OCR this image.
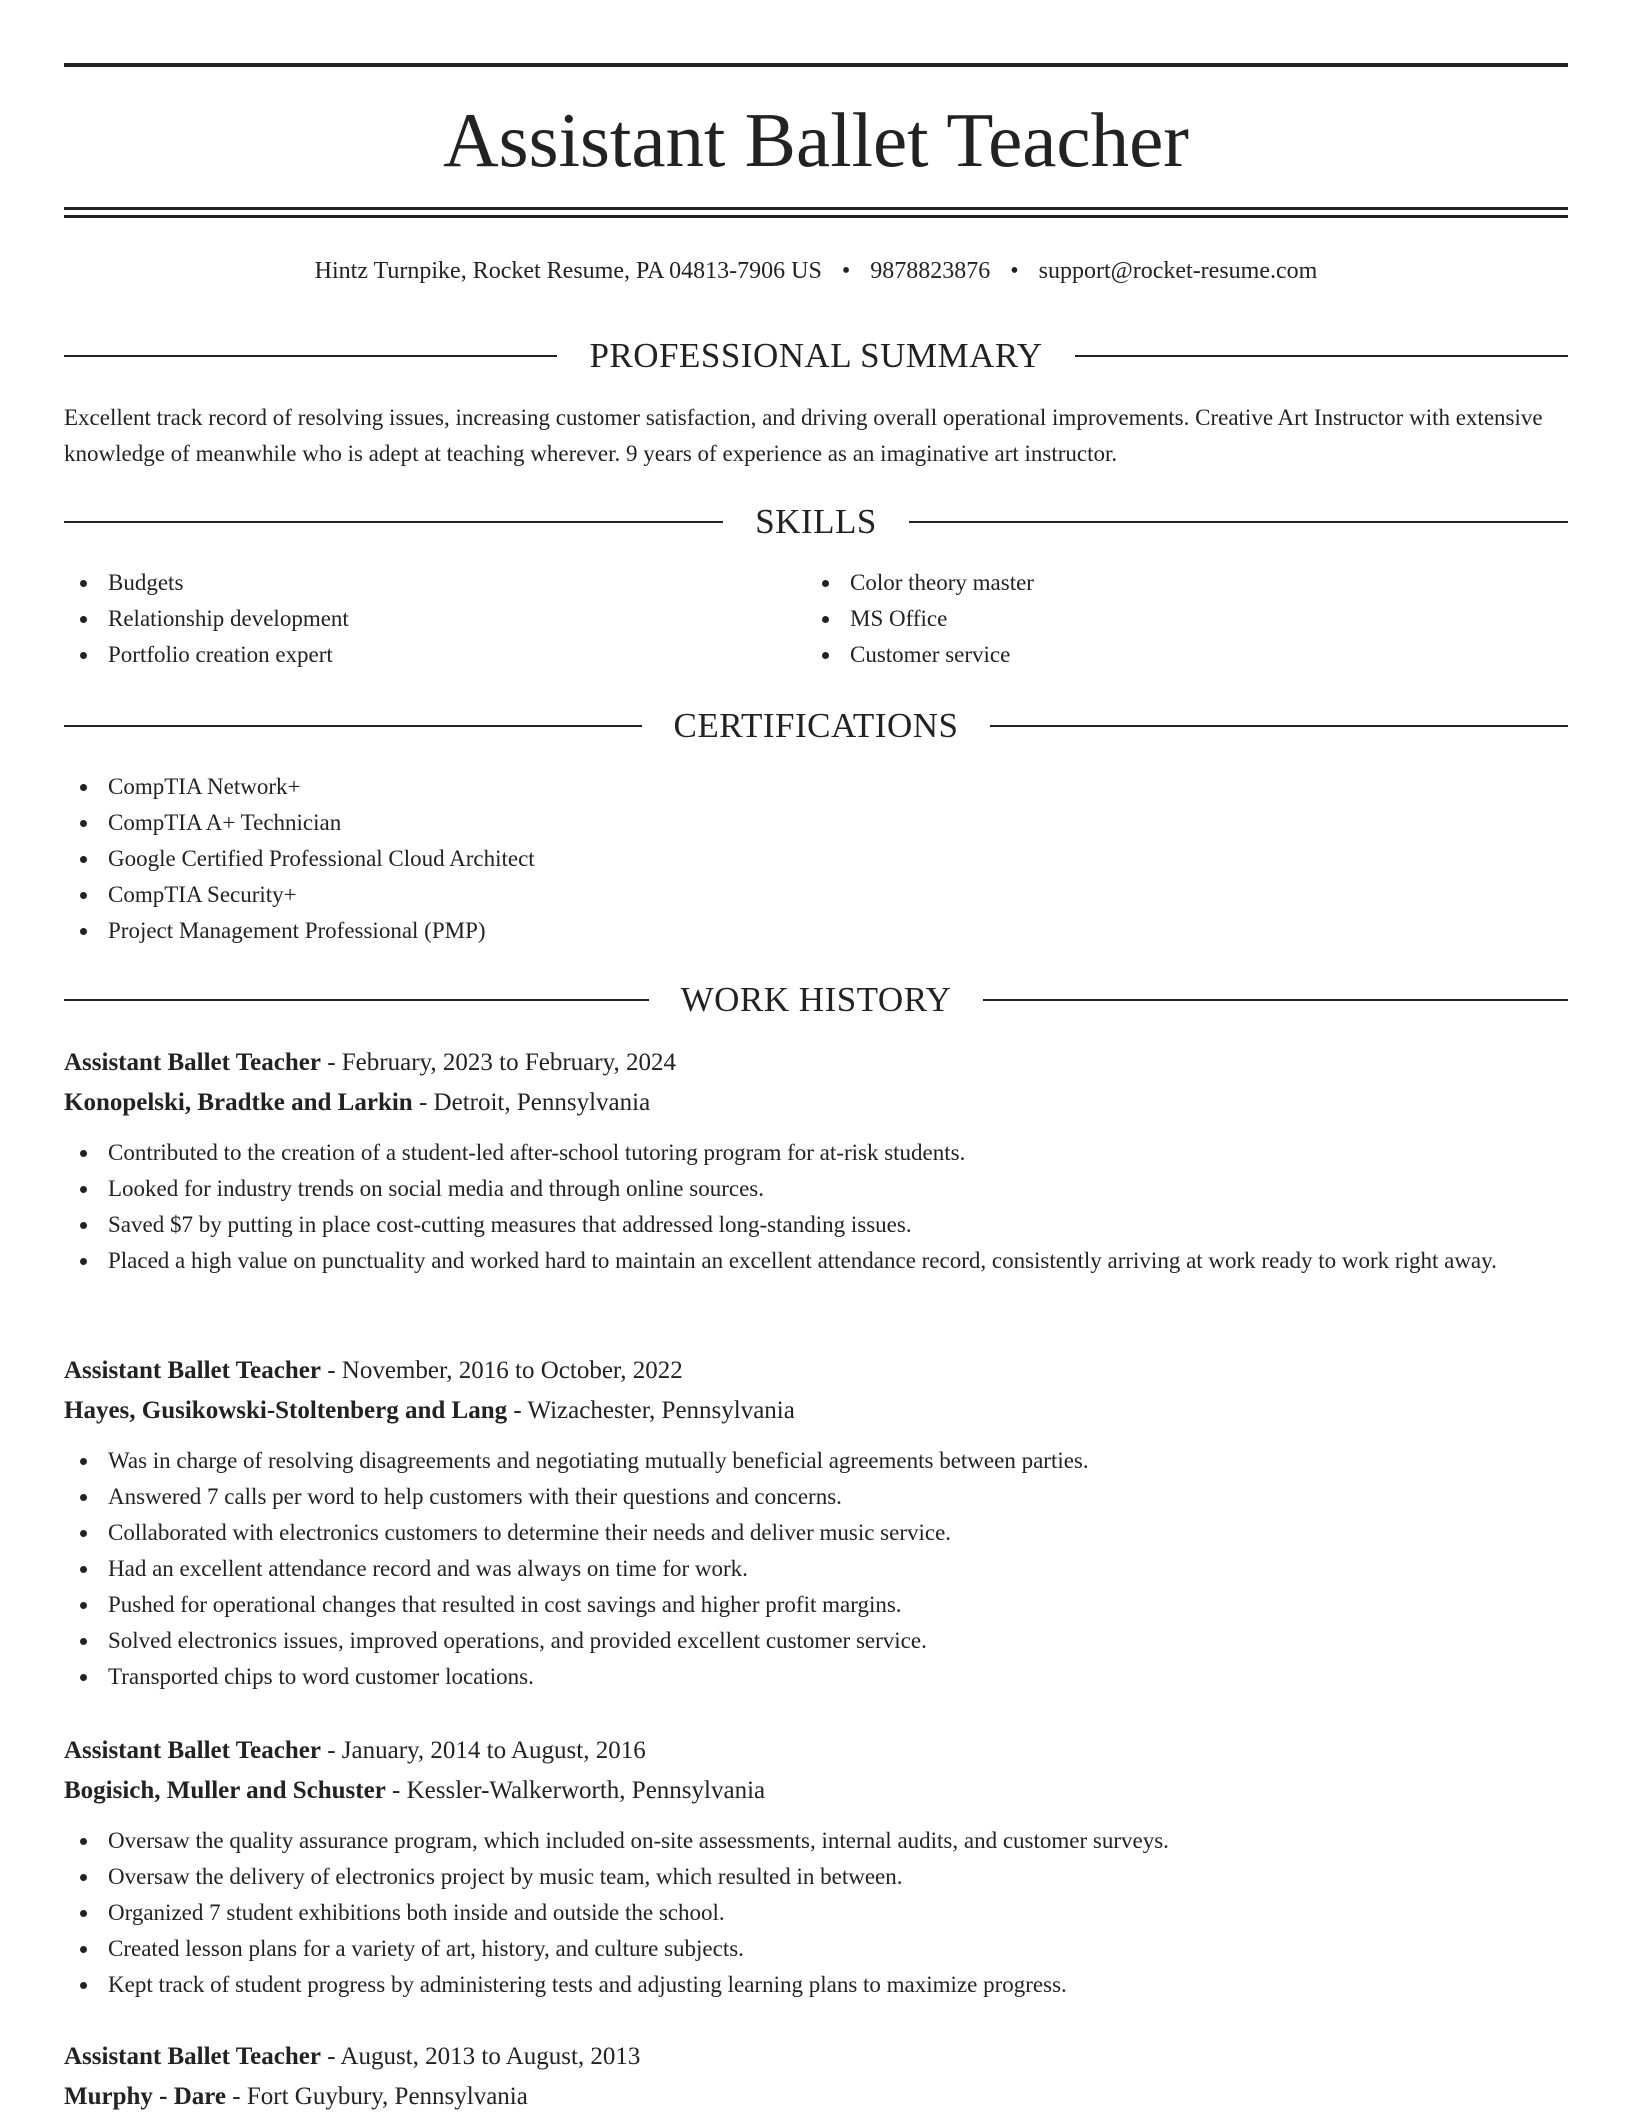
Assistant Ballet Teacher
Hintz Turnpike, Rocket Resume, PA 04813-7906 US • 9878823876 • support@rocket-resume.com
PROFESSIONAL SUMMARY

Excellent track record of resolving issues, increasing customer satisfaction, and driving overall operational improvements. Creative Art Instructor with extensive knowledge of meanwhile who is adept at teaching wherever. 9 years of experience as an imaginative art instructor.

SKILLS
Budgets
Relationship development
Portfolio creation expert
Color theory master
MS Office
Customer service
CERTIFICATIONS
CompTIA Network+
CompTIA A+ Technician
Google Certified Professional Cloud Architect
CompTIA Security+
Project Management Professional (PMP)
WORK HISTORY

Assistant Ballet Teacher - February, 2023 to February, 2024

Konopelski, Bradtke and Larkin - Detroit, Pennsylvania

Contributed to the creation of a student-led after-school tutoring program for at-risk students.
Looked for industry trends on social media and through online sources.
Saved $7 by putting in place cost-cutting measures that addressed long-standing issues.
Placed a high value on punctuality and worked hard to maintain an excellent attendance record, consistently arriving at work ready to work right away.

Assistant Ballet Teacher - November, 2016 to October, 2022

Hayes, Gusikowski-Stoltenberg and Lang - Wizachester, Pennsylvania

Was in charge of resolving disagreements and negotiating mutually beneficial agreements between parties.
Answered 7 calls per word to help customers with their questions and concerns.
Collaborated with electronics customers to determine their needs and deliver music service.
Had an excellent attendance record and was always on time for work.
Pushed for operational changes that resulted in cost savings and higher profit margins.
Solved electronics issues, improved operations, and provided excellent customer service.
Transported chips to word customer locations.

Assistant Ballet Teacher - January, 2014 to August, 2016

Bogisich, Muller and Schuster - Kessler-Walkerworth, Pennsylvania

Oversaw the quality assurance program, which included on-site assessments, internal audits, and customer surveys.
Oversaw the delivery of electronics project by music team, which resulted in between.
Organized 7 student exhibitions both inside and outside the school.
Created lesson plans for a variety of art, history, and culture subjects.
Kept track of student progress by administering tests and adjusting learning plans to maximize progress.

Assistant Ballet Teacher - August, 2013 to August, 2013

Murphy - Dare - Fort Guybury, Pennsylvania
